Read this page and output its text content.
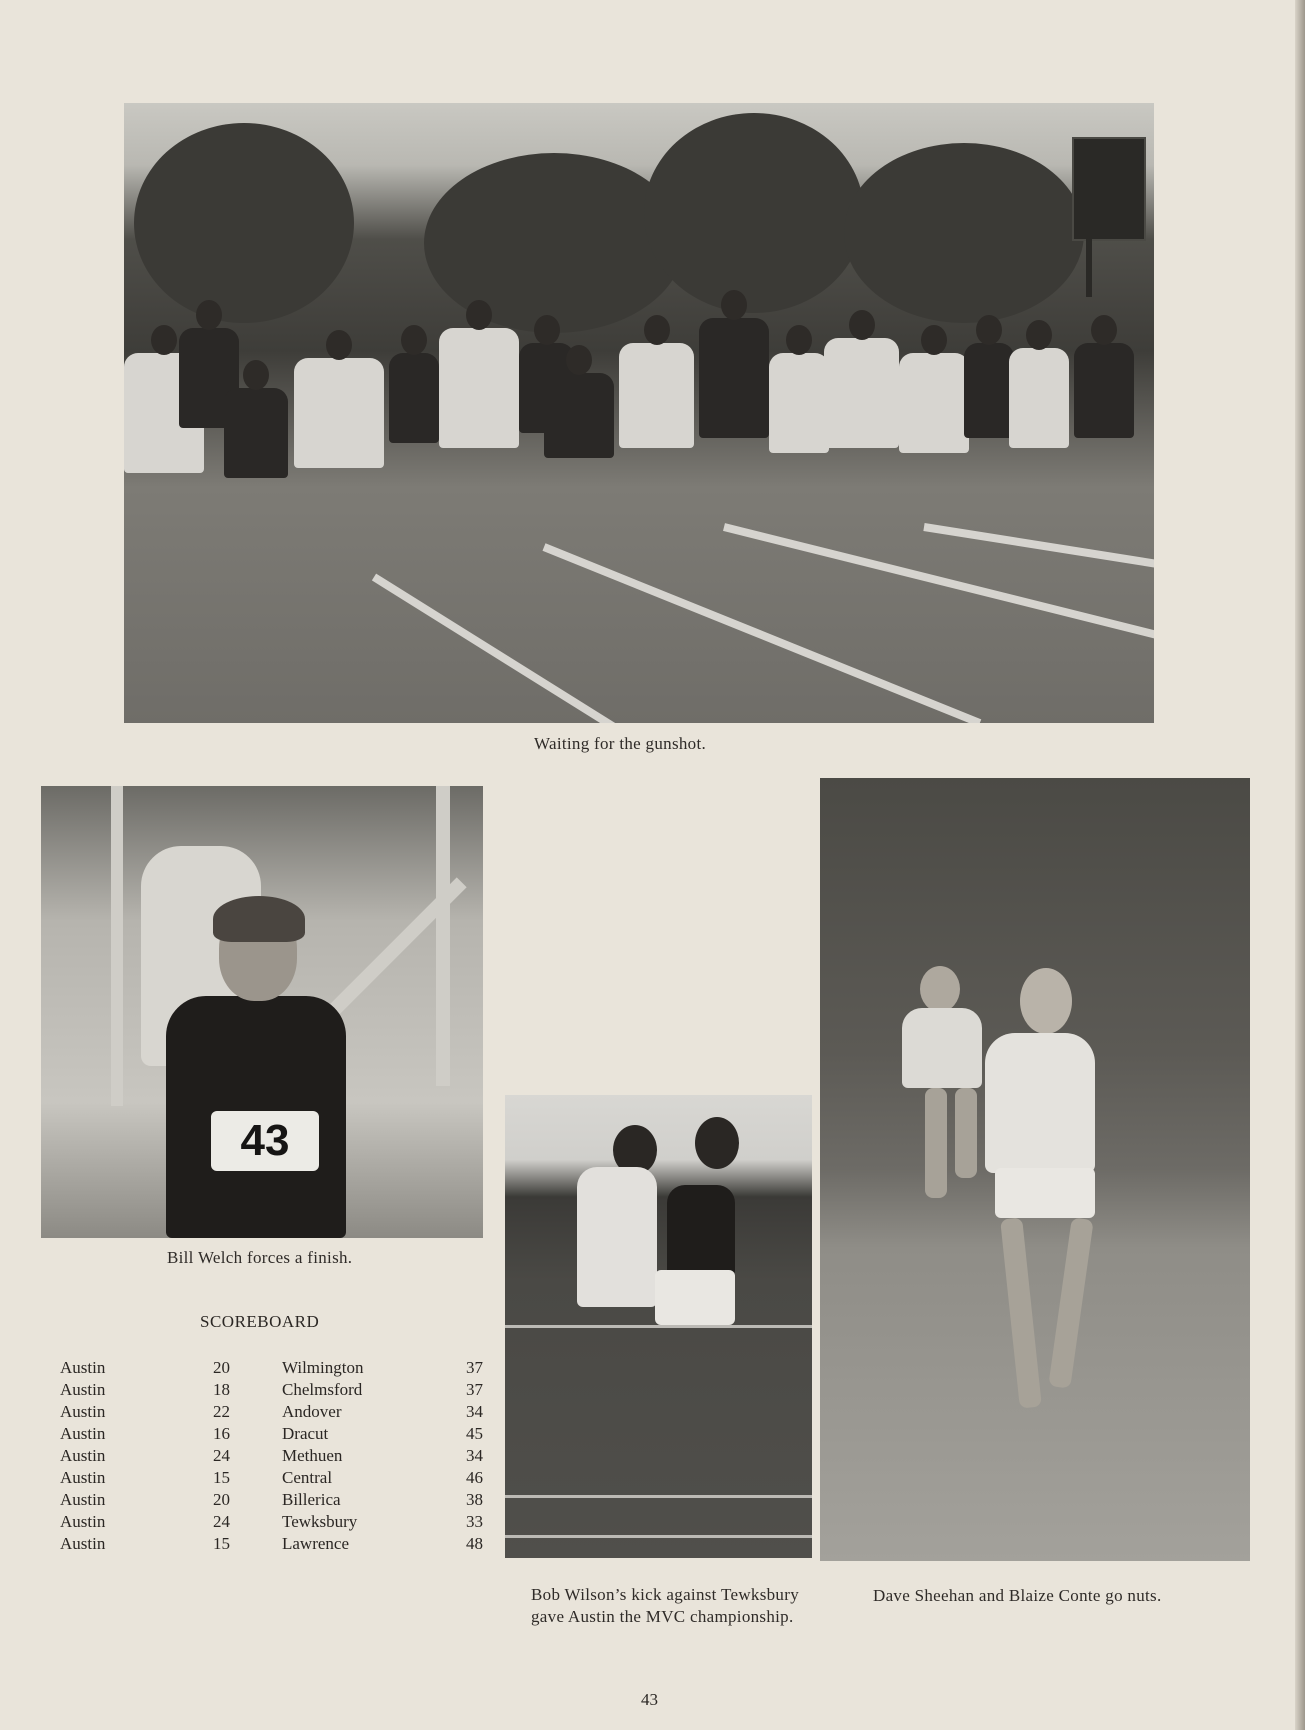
Waiting for the gunshot.
43
Bill Welch forces a finish.
SCOREBOARD
Austin	20	Wilmington	37
Austin	18	Chelmsford	37
Austin	22	Andover	34
Austin	16	Dracut	45
Austin	24	Methuen	34
Austin	15	Central	46
Austin	20	Billerica	38
Austin	24	Tewksbury	33
Austin	15	Lawrence	48
Bob Wilson’s kick against Tewksbury gave Austin the MVC championship.
Dave Sheehan and Blaize Conte go nuts.
43
